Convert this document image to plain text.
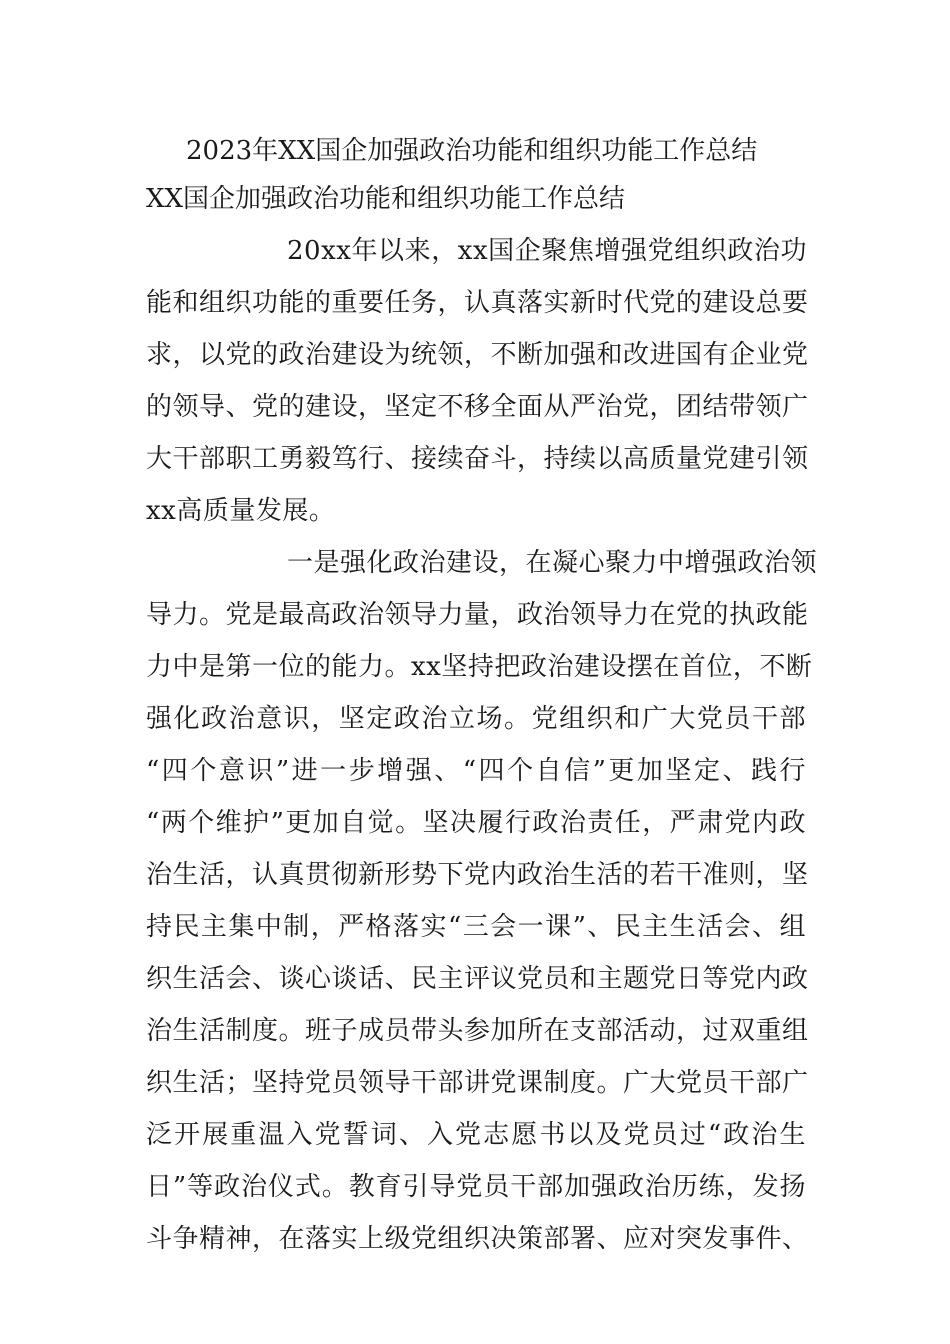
2023年XX国企加强政治功能和组织功能工作总结
XX国企加强政治功能和组织功能工作总结
20xx年以来，xx国企聚焦增强党组织政治功
能和组织功能的重要任务，认真落实新时代党的建设总要
求，以党的政治建设为统领，不断加强和改进国有企业党
的领导、党的建设，坚定不移全面从严治党，团结带领广
大干部职工勇毅笃行、接续奋斗，持续以高质量党建引领
xx高质量发展。
一是强化政治建设，在凝心聚力中增强政治领
导力。党是最高政治领导力量，政治领导力在党的执政能
力中是第一位的能力。xx坚持把政治建设摆在首位，不断
强化政治意识，坚定政治立场。党组织和广大党员干部
“四个意识”进一步增强、“四个自信”更加坚定、践行
“两个维护”更加自觉。坚决履行政治责任，严肃党内政
治生活，认真贯彻新形势下党内政治生活的若干准则，坚
持民主集中制，严格落实“三会一课”、民主生活会、组
织生活会、谈心谈话、民主评议党员和主题党日等党内政
治生活制度。班子成员带头参加所在支部活动，过双重组
织生活；坚持党员领导干部讲党课制度。广大党员干部广
泛开展重温入党誓词、入党志愿书以及党员过“政治生
日”等政治仪式。教育引导党员干部加强政治历练，发扬
斗争精神，在落实上级党组织决策部署、应对突发事件、
